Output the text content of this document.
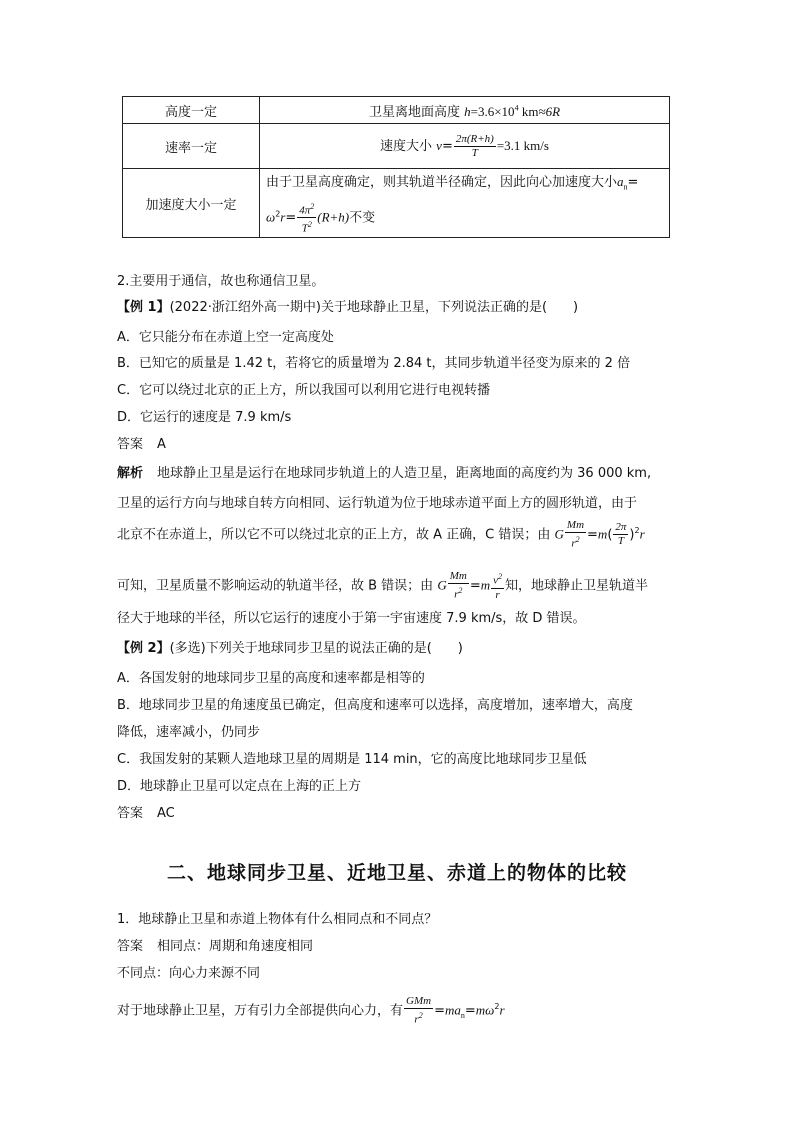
高度一定	卫星离地面高度 $h=3.6\times 10^4$ km≈6R
速率一定	速度大小 $v= \frac{2\pi(R+h)}{T} =3.1$ km/s
加速度大小一定	由于卫星高度确定，则其轨道半径确定，因此向心加速度大小$a_n=$
$\omega^2r= \frac{4\pi^2}{T^2} (R+h)$不变
2.主要用于通信，故也称通信卫星。
【例 1】(2022·浙江绍外高一期中)关于地球静止卫星，下列说法正确的是(　　)
A．它只能分布在赤道上空一定高度处
B．已知它的质量是 1.42 t，若将它的质量增为 2.84 t，其同步轨道半径变为原来的 2 倍
C．它可以绕过北京的正上方，所以我国可以利用它进行电视转播
D．它运行的速度是 7.9 km/s
答案 A
解析 地球静止卫星是运行在地球同步轨道上的人造卫星，距离地面的高度约为 36 000 km,
卫星的运行方向与地球自转方向相同、运行轨道为位于地球赤道平面上方的圆形轨道，由于
北京不在赤道上，所以它不可以绕过北京的正上方，故 A 正确，C 错误；由 G $\frac{Mm}{r^2} =m( \frac{2\pi}{T} )^2r$
可知，卫星质量不影响运动的轨道半径，故 B 错误；由 G $\frac{Mm}{r^2} =m \frac{v^2}{r}$ 知，地球静止卫星轨道半
径大于地球的半径，所以它运行的速度小于第一宇宙速度 7.9 km/s，故 D 错误。
【例 2】(多选)下列关于地球同步卫星的说法正确的是(　　)
A．各国发射的地球同步卫星的高度和速率都是相等的
B．地球同步卫星的角速度虽已确定，但高度和速率可以选择，高度增加，速率增大，高度
降低，速率减小，仍同步
C．我国发射的某颗人造地球卫星的周期是 114 min，它的高度比地球同步卫星低
D．地球静止卫星可以定点在上海的正上方
答案 AC
二、地球同步卫星、近地卫星、赤道上的物体的比较
1．地球静止卫星和赤道上物体有什么相同点和不同点？
答案 相同点：周期和角速度相同
不同点：向心力来源不同
对于地球静止卫星，万有引力全部提供向心力，有 $\frac{\text{GMm}}{r^2} =ma_n=m\omega^2r$
